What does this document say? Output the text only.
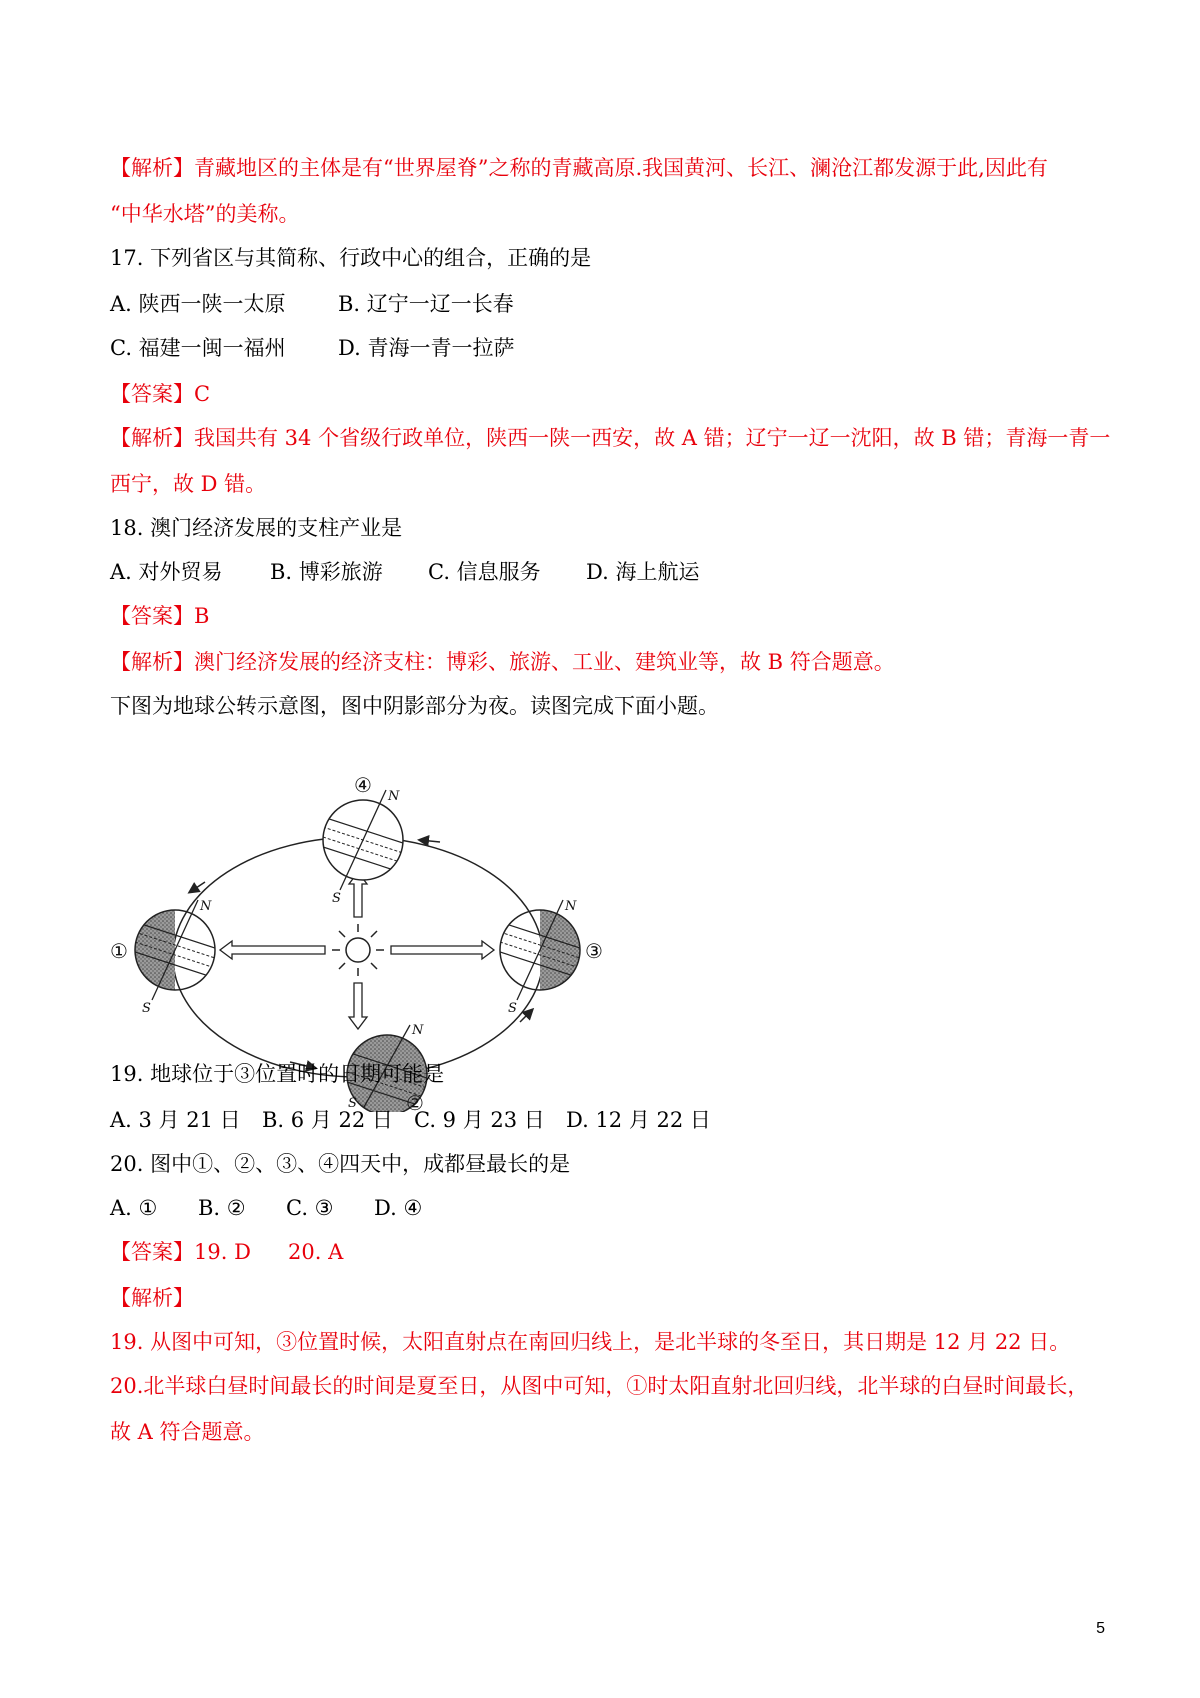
【解析】青藏地区的主体是有“世界屋脊”之称的青藏高原.我国黄河、长江、澜沧江都发源于此,因此有
“中华水塔”的美称。
17. 下列省区与其简称、行政中心的组合，正确的是
A. 陕西一陕一太原 B. 辽宁一辽一长春
C. 福建一闽一福州 D. 青海一青一拉萨
【答案】C
【解析】我国共有 34 个省级行政单位，陕西一陕一西安，故 A 错；辽宁一辽一沈阳，故 B 错；青海一青一
西宁，故 D 错。
18. 澳门经济发展的支柱产业是
A. 对外贸易 B. 博彩旅游 C. 信息服务 D. 海上航运
【答案】B
【解析】澳门经济发展的经济支柱：博彩、旅游、工业、建筑业等，故 B 符合题意。
下图为地球公转示意图，图中阴影部分为夜。读图完成下面小题。
①
②
③
④
N
S
N
S
N
S
N
S
19. 地球位于③位置时的日期可能是
A. 3 月 21 日 B. 6 月 22 日 C. 9 月 23 日 D. 12 月 22 日
20. 图中①、②、③、④四天中，成都昼最长的是
A. ① B. ② C. ③ D. ④
【答案】19. D 20. A
【解析】
19. 从图中可知，③位置时候，太阳直射点在南回归线上，是北半球的冬至日，其日期是 12 月 22 日。
20.北半球白昼时间最长的时间是夏至日，从图中可知，①时太阳直射北回归线，北半球的白昼时间最长，
故 A 符合题意。
5
